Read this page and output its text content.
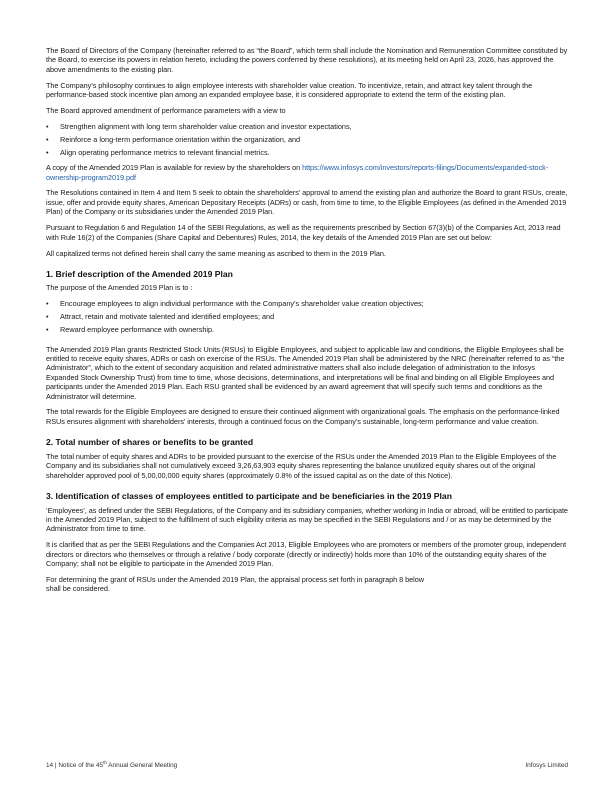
The Board of Directors of the Company (hereinafter referred to as “the Board”, which term shall include the Nomination and Remuneration Committee constituted by the Board, to exercise its powers in relation hereto, including the powers conferred by these resolutions), at its meeting held on April 23, 2026, has approved the above amendments to the existing plan.

The Company’s philosophy continues to align employee interests with shareholder value creation. To incentivize, retain, and attract key talent through the performance-based stock incentive plan among an expanded employee base, it is considered appropriate to extend the term of the existing plan.

The Board approved amendment of performance parameters with a view to

• Strengthen alignment with long term shareholder value creation and investor expectations,
• Reinforce a long-term performance orientation within the organization, and
• Align operating performance metrics to relevant financial metrics.

A copy of the Amended 2019 Plan is available for review by the shareholders on https://www.infosys.com/investors/reports-filings/Documents/expanded-stock-ownership-program2019.pdf

The Resolutions contained in Item 4 and Item 5 seek to obtain the shareholders’ approval to amend the existing plan and authorize the Board to grant RSUs, create, issue, offer and provide equity shares, American Depositary Receipts (ADRs) or cash, from time to time, to the Eligible Employees (as defined in the Amended 2019 Plan) of the Company or its subsidiaries under the Amended 2019 Plan.

Pursuant to Regulation 6 and Regulation 14 of the SEBI Regulations, as well as the requirements prescribed by Section 67(3)(b) of the Companies Act, 2013 read with Rule 16(2) of the Companies (Share Capital and Debentures) Rules, 2014, the key details of the Amended 2019 Plan are set out below:

All capitalized terms not defined herein shall carry the same meaning as ascribed to them in the 2019 Plan.

1. Brief description of the Amended 2019 Plan

The purpose of the Amended 2019 Plan is to :

• Encourage employees to align individual performance with the Company’s shareholder value creation objectives;
• Attract, retain and motivate talented and identified employees; and
• Reward employee performance with ownership.

The Amended 2019 Plan grants Restricted Stock Units (RSUs) to Eligible Employees, and subject to applicable law and conditions, the Eligible Employees shall be entitled to receive equity shares, ADRs or cash on exercise of the RSUs. The Amended 2019 Plan shall be administered by the NRC (hereinafter referred to as “the Administrator”, which to the extent of secondary acquisition and related administrative matters shall also include delegation of administration to the Infosys Expanded Stock Ownership Trust) from time to time, whose decisions, determinations, and interpretations will be final and binding on all Eligible Employees and participants under the Amended 2019 Plan. Each RSU granted shall be evidenced by an award agreement that will specify such terms and conditions as the Administrator will determine.

The total rewards for the Eligible Employees are designed to ensure their continued alignment with organizational goals. The emphasis on the performance-linked RSUs ensures alignment with shareholders’ interests, through a continued focus on the Company’s sustainable, long-term performance and value creation.

2. Total number of shares or benefits to be granted

The total number of equity shares and ADRs to be provided pursuant to the exercise of the RSUs under the Amended 2019 Plan to the Eligible Employees of the Company and its subsidiaries shall not cumulatively exceed 3,26,63,903 equity shares representing the balance unutilized equity shares out of the original shareholder approved pool of 5,00,00,000 equity shares (approximately 0.8% of the issued capital as on the date of this Notice).

3. Identification of classes of employees entitled to participate and be beneficiaries in the 2019 Plan

‘Employees’, as defined under the SEBI Regulations, of the Company and its subsidiary companies, whether working in India or abroad, will be entitled to participate in the Amended 2019 Plan, subject to the fulfillment of such eligibility criteria as may be specified in the SEBI Regulations and / or as may be determined by the Administrator from time to time.

It is clarified that as per the SEBI Regulations and the Companies Act 2013, Eligible Employees who are promoters or members of the promoter group, independent directors or directors who themselves or through a relative / body corporate (directly or indirectly) holds more than 10% of the outstanding equity shares of the Company; shall not be eligible to participate in the Amended 2019 Plan.

For determining the grant of RSUs under the Amended 2019 Plan, the appraisal process set forth in paragraph 8 below
shall be considered.

14 | Notice of the 45th Annual General Meeting	Infosys Limited
